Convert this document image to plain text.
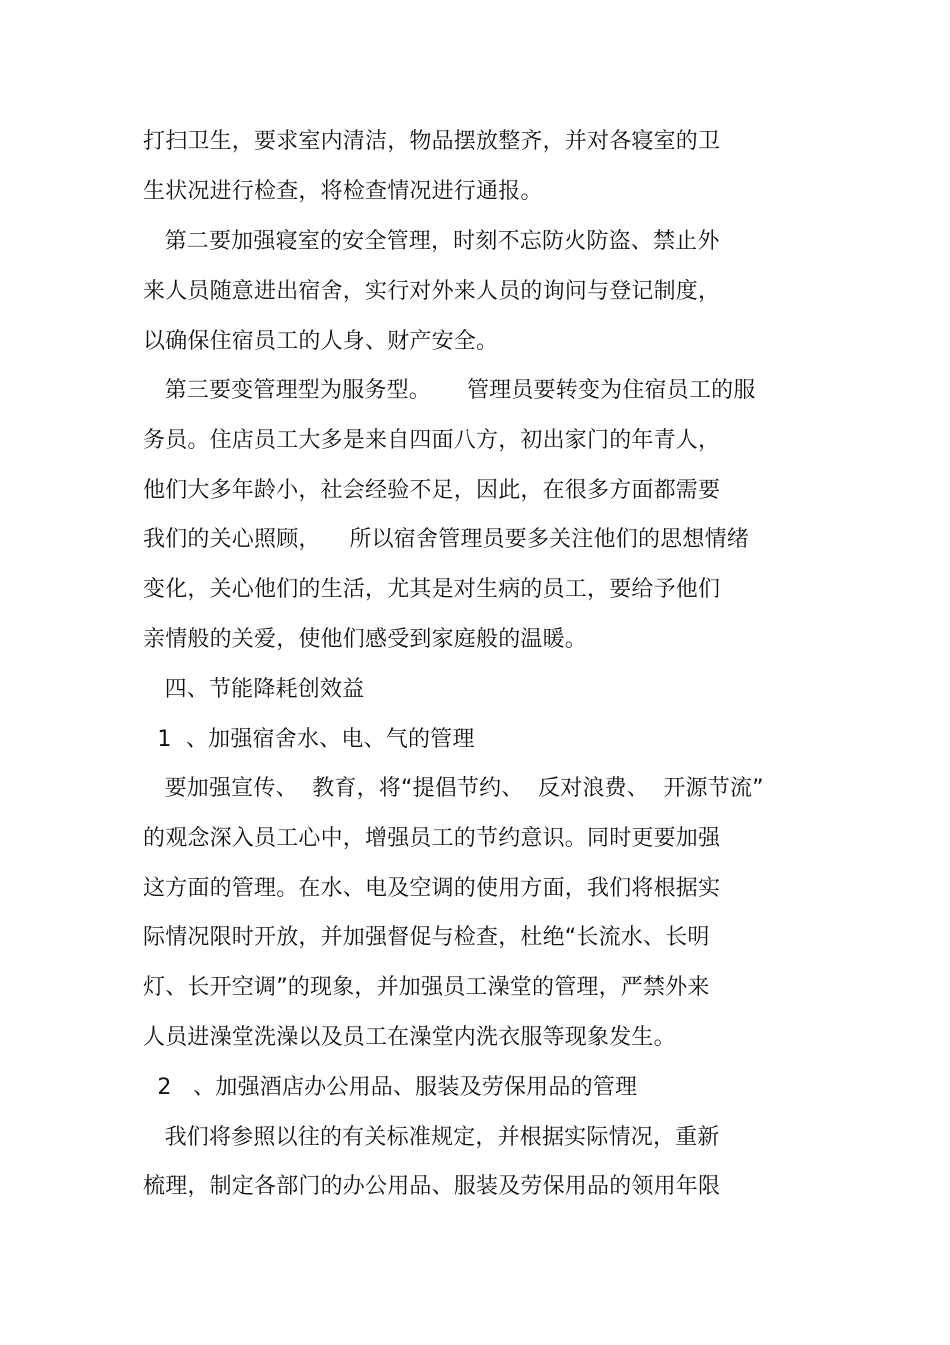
打扫卫生，要求室内清洁，物品摆放整齐，并对各寝室的卫
生状况进行检查，将检查情况进行通报。
第二要加强寝室的安全管理，时刻不忘防火防盗、禁止外
来人员随意进出宿舍，实行对外来人员的询问与登记制度，
以确保住宿员工的人身、财产安全。
第三要变管理型为服务型。     管理员要转变为住宿员工的服
务员。住店员工大多是来自四面八方，初出家门的年青人，
他们大多年龄小，社会经验不足，因此，在很多方面都需要
我们的关心照顾，    所以宿舍管理员要多关注他们的思想情绪
变化，关心他们的生活，尤其是对生病的员工，要给予他们
亲情般的关爱，使他们感受到家庭般的温暖。
四、节能降耗创效益
1  、加强宿舍水、电、气的管理
要加强宣传、  教育，将“提倡节约、  反对浪费、  开源节流”
的观念深入员工心中，增强员工的节约意识。同时更要加强
这方面的管理。在水、电及空调的使用方面，我们将根据实
际情况限时开放，并加强督促与检查，杜绝“长流水、长明
灯、长开空调”的现象，并加强员工澡堂的管理，严禁外来
人员进澡堂洗澡以及员工在澡堂内洗衣服等现象发生。
2   、加强酒店办公用品、服装及劳保用品的管理
我们将参照以往的有关标准规定，并根据实际情况，重新
梳理，制定各部门的办公用品、服装及劳保用品的领用年限
